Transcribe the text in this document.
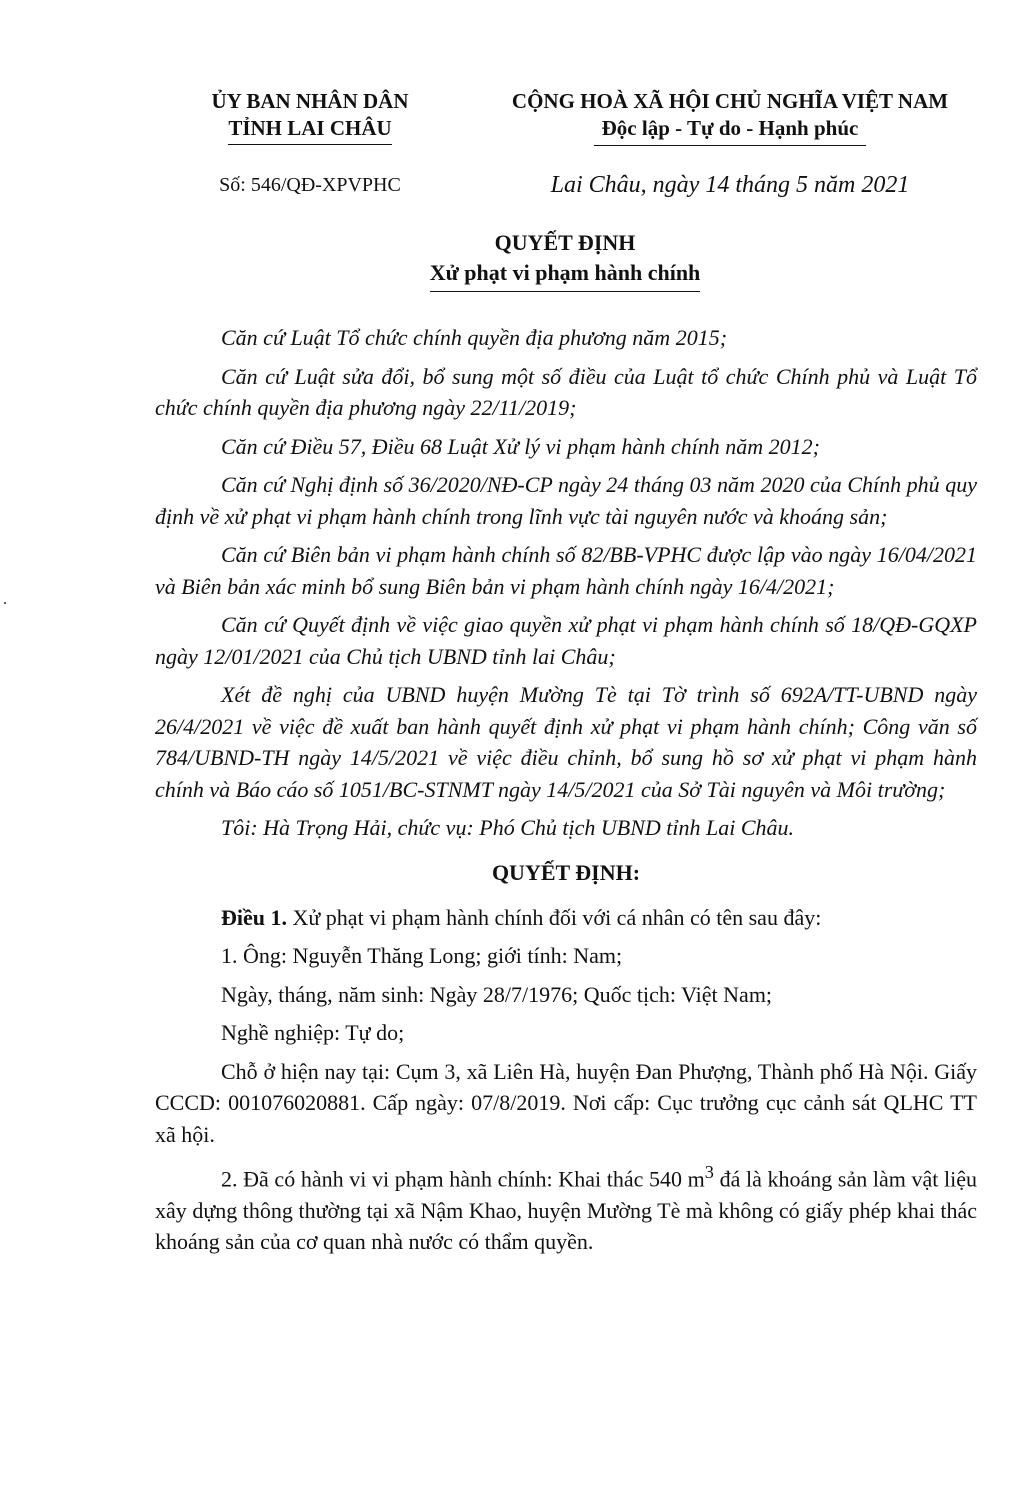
.
ỦY BAN NHÂN DÂN
TỈNH LAI CHÂU
CỘNG HOÀ XÃ HỘI CHỦ NGHĨA VIỆT NAM
Độc lập - Tự do - Hạnh phúc
Số: 546/QĐ-XPVPHC	Lai Châu, ngày 14 tháng 5 năm 2021
QUYẾT ĐỊNH
Xử phạt vi phạm hành chính

Căn cứ Luật Tổ chức chính quyền địa phương năm 2015;

Căn cứ Luật sửa đổi, bổ sung một số điều của Luật tổ chức Chính phủ và Luật Tổ chức chính quyền địa phương ngày 22/11/2019;

Căn cứ Điều 57, Điều 68 Luật Xử lý vi phạm hành chính năm 2012;

Căn cứ Nghị định số 36/2020/NĐ-CP ngày 24 tháng 03 năm 2020 của Chính phủ quy định về xử phạt vi phạm hành chính trong lĩnh vực tài nguyên nước và khoáng sản;

Căn cứ Biên bản vi phạm hành chính số 82/BB-VPHC được lập vào ngày 16/04/2021 và Biên bản xác minh bổ sung Biên bản vi phạm hành chính ngày 16/4/2021;

Căn cứ Quyết định về việc giao quyền xử phạt vi phạm hành chính số 18/QĐ-GQXP ngày 12/01/2021 của Chủ tịch UBND tỉnh lai Châu;

Xét đề nghị của UBND huyện Mường Tè tại Tờ trình số 692A/TT-UBND ngày 26/4/2021 về việc đề xuất ban hành quyết định xử phạt vi phạm hành chính; Công văn số 784/UBND-TH ngày 14/5/2021 về việc điều chỉnh, bổ sung hồ sơ xử phạt vi phạm hành chính và Báo cáo số 1051/BC-STNMT ngày 14/5/2021 của Sở Tài nguyên và Môi trường;

Tôi: Hà Trọng Hải, chức vụ: Phó Chủ tịch UBND tỉnh Lai Châu.

QUYẾT ĐỊNH:

Điều 1. Xử phạt vi phạm hành chính đối với cá nhân có tên sau đây:

1. Ông: Nguyễn Thăng Long; giới tính: Nam;

Ngày, tháng, năm sinh: Ngày 28/7/1976; Quốc tịch: Việt Nam;

Nghề nghiệp: Tự do;

Chỗ ở hiện nay tại: Cụm 3, xã Liên Hà, huyện Đan Phượng, Thành phố Hà Nội. Giấy CCCD: 001076020881. Cấp ngày: 07/8/2019. Nơi cấp: Cục trưởng cục cảnh sát QLHC TT xã hội.

2. Đã có hành vi vi phạm hành chính: Khai thác 540 $m^3$ đá là khoáng sản làm vật liệu xây dựng thông thường tại xã Nậm Khao, huyện Mường Tè mà không có giấy phép khai thác khoáng sản của cơ quan nhà nước có thẩm quyền.
